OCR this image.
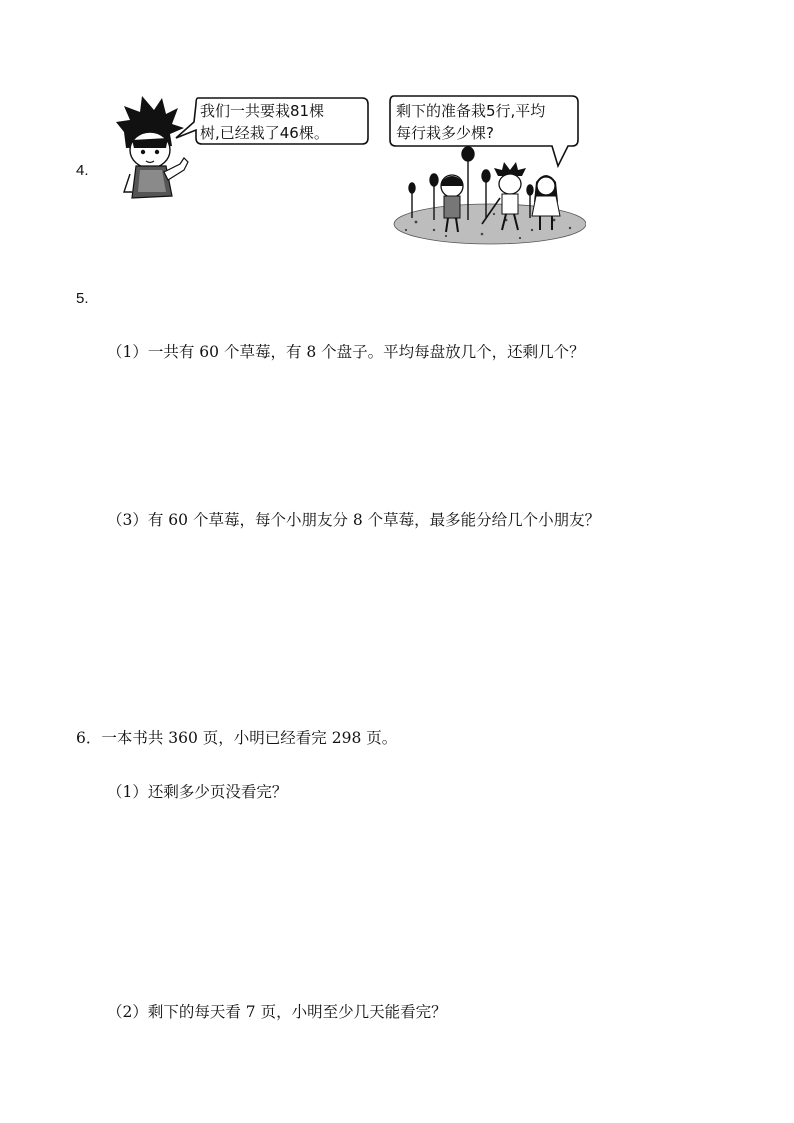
4.
我们一共要栽81棵
树,已经栽了46棵。
剩下的准备栽5行,平均
每行栽多少棵?
5.
（1）一共有 60 个草莓，有 8 个盘子。平均每盘放几个，还剩几个？
（3）有 60 个草莓，每个小朋友分 8 个草莓，最多能分给几个小朋友？
6．一本书共 360 页，小明已经看完 298 页。
（1）还剩多少页没看完？
（2）剩下的每天看 7 页，小明至少几天能看完？
